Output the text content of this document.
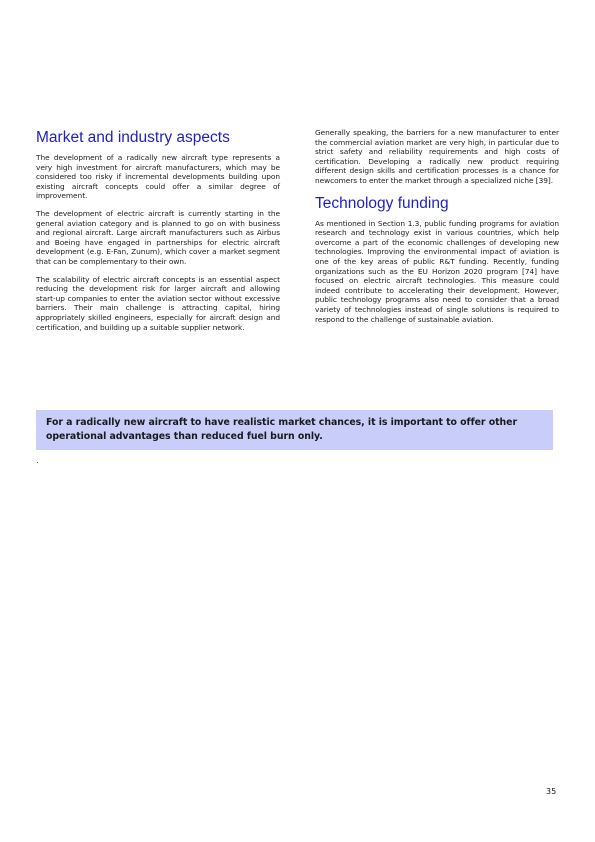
Market and industry aspects

The development of a radically new aircraft type represents a very high investment for aircraft manufacturers, which may be considered too risky if incremental developments building upon existing aircraft concepts could offer a similar degree of improvement.

The development of electric aircraft is currently starting in the general aviation category and is planned to go on with business and regional aircraft. Large aircraft manufacturers such as Airbus and Boeing have engaged in partnerships for electric aircraft development (e.g. E-Fan, Zunum), which cover a market segment that can be complementary to their own.

The scalability of electric aircraft concepts is an essential aspect reducing the development risk for larger aircraft and allowing start-up companies to enter the aviation sector without excessive barriers. Their main challenge is attracting capital, hiring appropriately skilled engineers, especially for aircraft design and certification, and building up a suitable supplier network.

Generally speaking, the barriers for a new manufacturer to enter the commercial aviation market are very high, in particular due to strict safety and reliability requirements and high costs of certification. Developing a radically new product requiring different design skills and certification processes is a chance for newcomers to enter the market through a specialized niche [39].

Technology funding

As mentioned in Section 1.3, public funding programs for aviation research and technology exist in various countries, which help overcome a part of the economic challenges of developing new technologies. Improving the environmental impact of aviation is one of the key areas of public R&T funding. Recently, funding organizations such as the EU Horizon 2020 program [74] have focused on electric aircraft technologies. This measure could indeed contribute to accelerating their development. However, public technology programs also need to consider that a broad variety of technologies instead of single solutions is required to respond to the challenge of sustainable aviation.

For a radically new aircraft to have realistic market chances, it is important to offer other operational advantages than reduced fuel burn only.

.
35
